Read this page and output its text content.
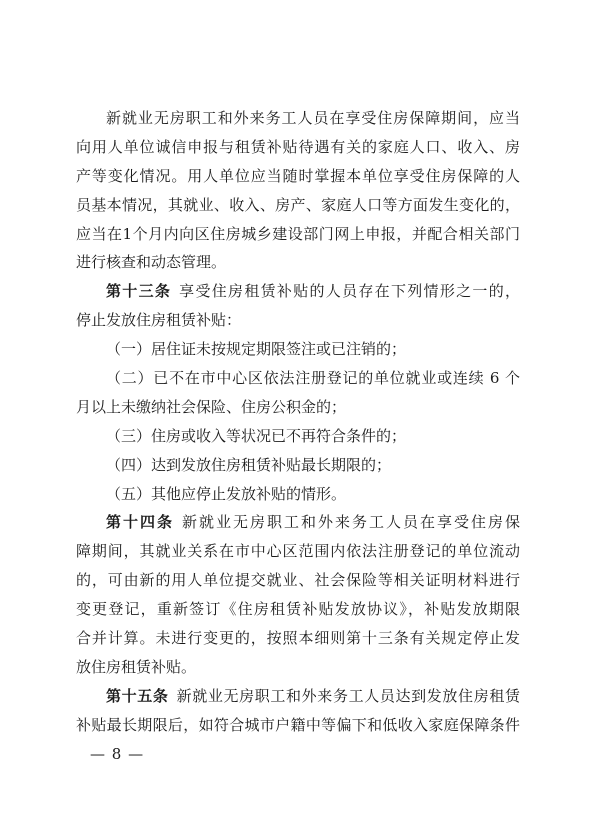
新就业无房职工和外来务工人员在享受住房保障期间，应当
向用人单位诚信申报与租赁补贴待遇有关的家庭人口、收入、房
产等变化情况。用人单位应当随时掌握本单位享受住房保障的人
员基本情况，其就业、收入、房产、家庭人口等方面发生变化的，
应当在1个月内向区住房城乡建设部门网上申报，并配合相关部门
进行核查和动态管理。
第十三条 享受住房租赁补贴的人员存在下列情形之一的，
停止发放住房租赁补贴：
（一）居住证未按规定期限签注或已注销的；
（二）已不在市中心区依法注册登记的单位就业或连续 6 个
月以上未缴纳社会保险、住房公积金的；
（三）住房或收入等状况已不再符合条件的；
（四）达到发放住房租赁补贴最长期限的；
（五）其他应停止发放补贴的情形。
第十四条 新就业无房职工和外来务工人员在享受住房保
障期间，其就业关系在市中心区范围内依法注册登记的单位流动
的，可由新的用人单位提交就业、社会保险等相关证明材料进行
变更登记，重新签订《住房租赁补贴发放协议》，补贴发放期限
合并计算。未进行变更的，按照本细则第十三条有关规定停止发
放住房租赁补贴。
第十五条 新就业无房职工和外来务工人员达到发放住房租赁
补贴最长期限后，如符合城市户籍中等偏下和低收入家庭保障条件
— 8 —
